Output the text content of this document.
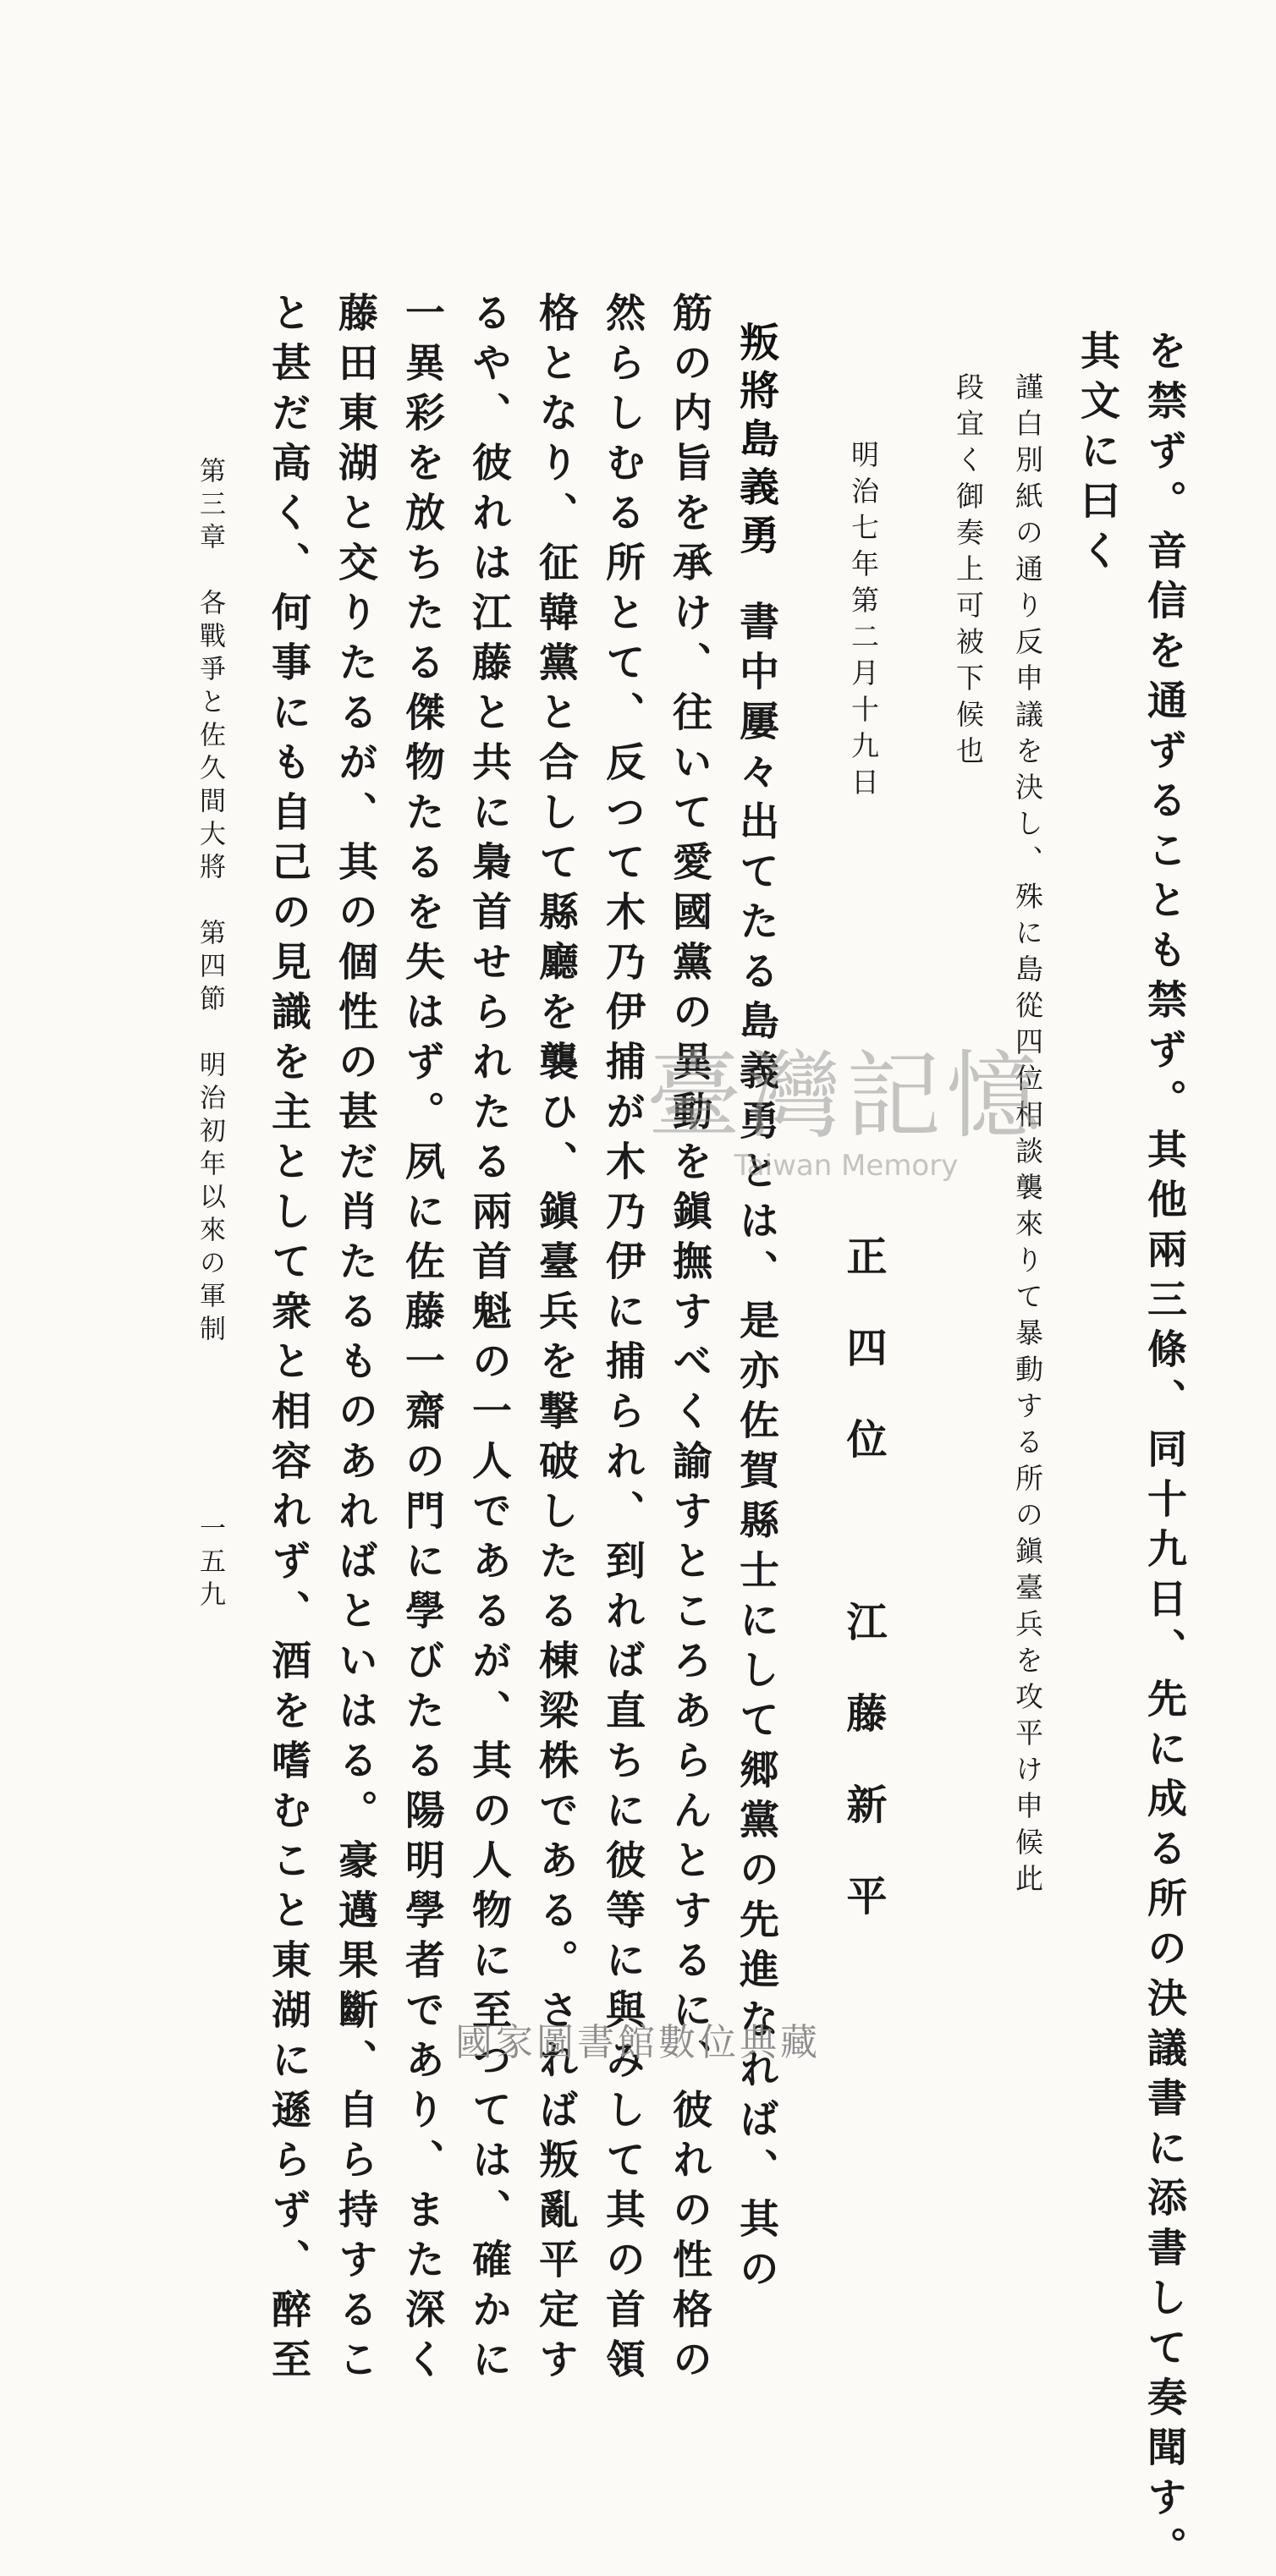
を禁ず。音信を通ずることも禁ず。其他兩三條、同十九日、先に成る所の決議書に添書して奏聞す。
其文に曰く
謹白別紙の通り反申議を決し、殊に島從四位相談襲來りて暴動する所の鎭臺兵を攻平け申候此
段宜く御奏上可被下候也
明治七年第二月十九日
正四位　江藤新平
叛將島義勇
書中屢々出てたる島義勇とは、是亦佐賀縣士にして郷黨の先進なれば、其の
筋の内旨を承け、往いて愛國黨の異動を鎭撫すべく諭すところあらんとするに、彼れの性格の
然らしむる所とて、反つて木乃伊捕が木乃伊に捕られ、到れば直ちに彼等に與みして其の首領
格となり、征韓黨と合して縣廳を襲ひ、鎭臺兵を撃破したる棟梁株である。されば叛亂平定す
るや、彼れは江藤と共に梟首せられたる兩首魁の一人であるが、其の人物に至つては、確かに
一異彩を放ちたる傑物たるを失はず。夙に佐藤一齋の門に學びたる陽明學者であり、また深く
藤田東湖と交りたるが、其の個性の甚だ肖たるものあればといはる。豪邁果斷、自ら持するこ
と甚だ高く、何事にも自己の見識を主として衆と相容れず、酒を嗜むこと東湖に遜らず、醉至
第三章　各戰爭と佐久間大將　第四節　明治初年以來の軍制
一五九
臺灣記憶
Taiwan Memory
國家圖書館數位典藏
